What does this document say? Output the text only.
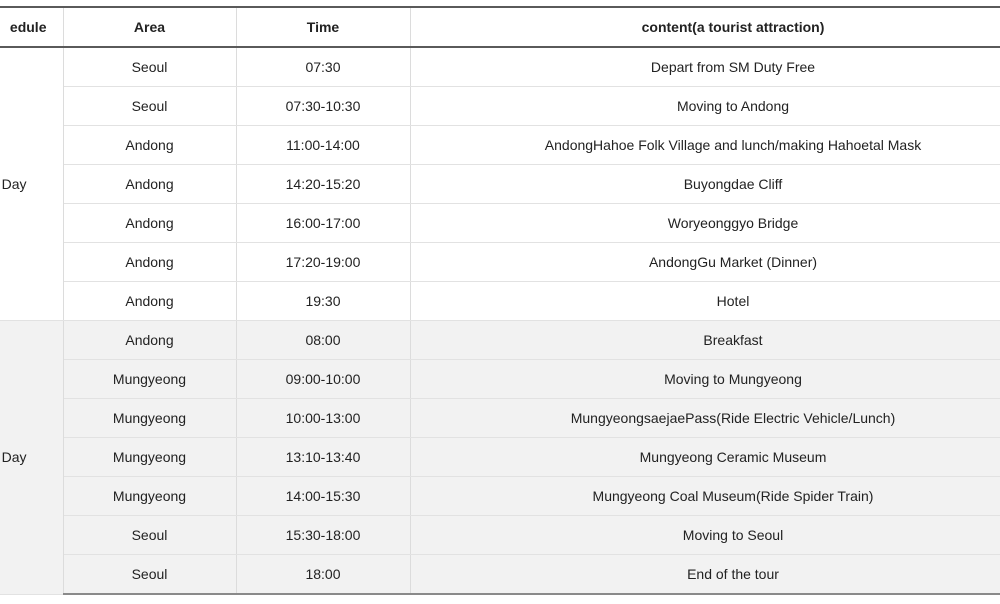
edule	Area	Time	content(a tourist attraction)
Day	Seoul	07:30	Depart from SM Duty Free
	Seoul	07:30-10:30	Moving to Andong
	Andong	11:00-14:00	AndongHahoe Folk Village and lunch/making Hahoetal Mask
	Andong	14:20-15:20	Buyongdae Cliff
	Andong	16:00-17:00	Woryeonggyo Bridge
	Andong	17:20-19:00	AndongGu Market (Dinner)
	Andong	19:30	Hotel
Day	Andong	08:00	Breakfast
	Mungyeong	09:00-10:00	Moving to Mungyeong
	Mungyeong	10:00-13:00	MungyeongsaejaePass(Ride Electric Vehicle/Lunch)
	Mungyeong	13:10-13:40	Mungyeong Ceramic Museum
	Mungyeong	14:00-15:30	Mungyeong Coal Museum(Ride Spider Train)
	Seoul	15:30-18:00	Moving to Seoul
	Seoul	18:00	End of the tour
